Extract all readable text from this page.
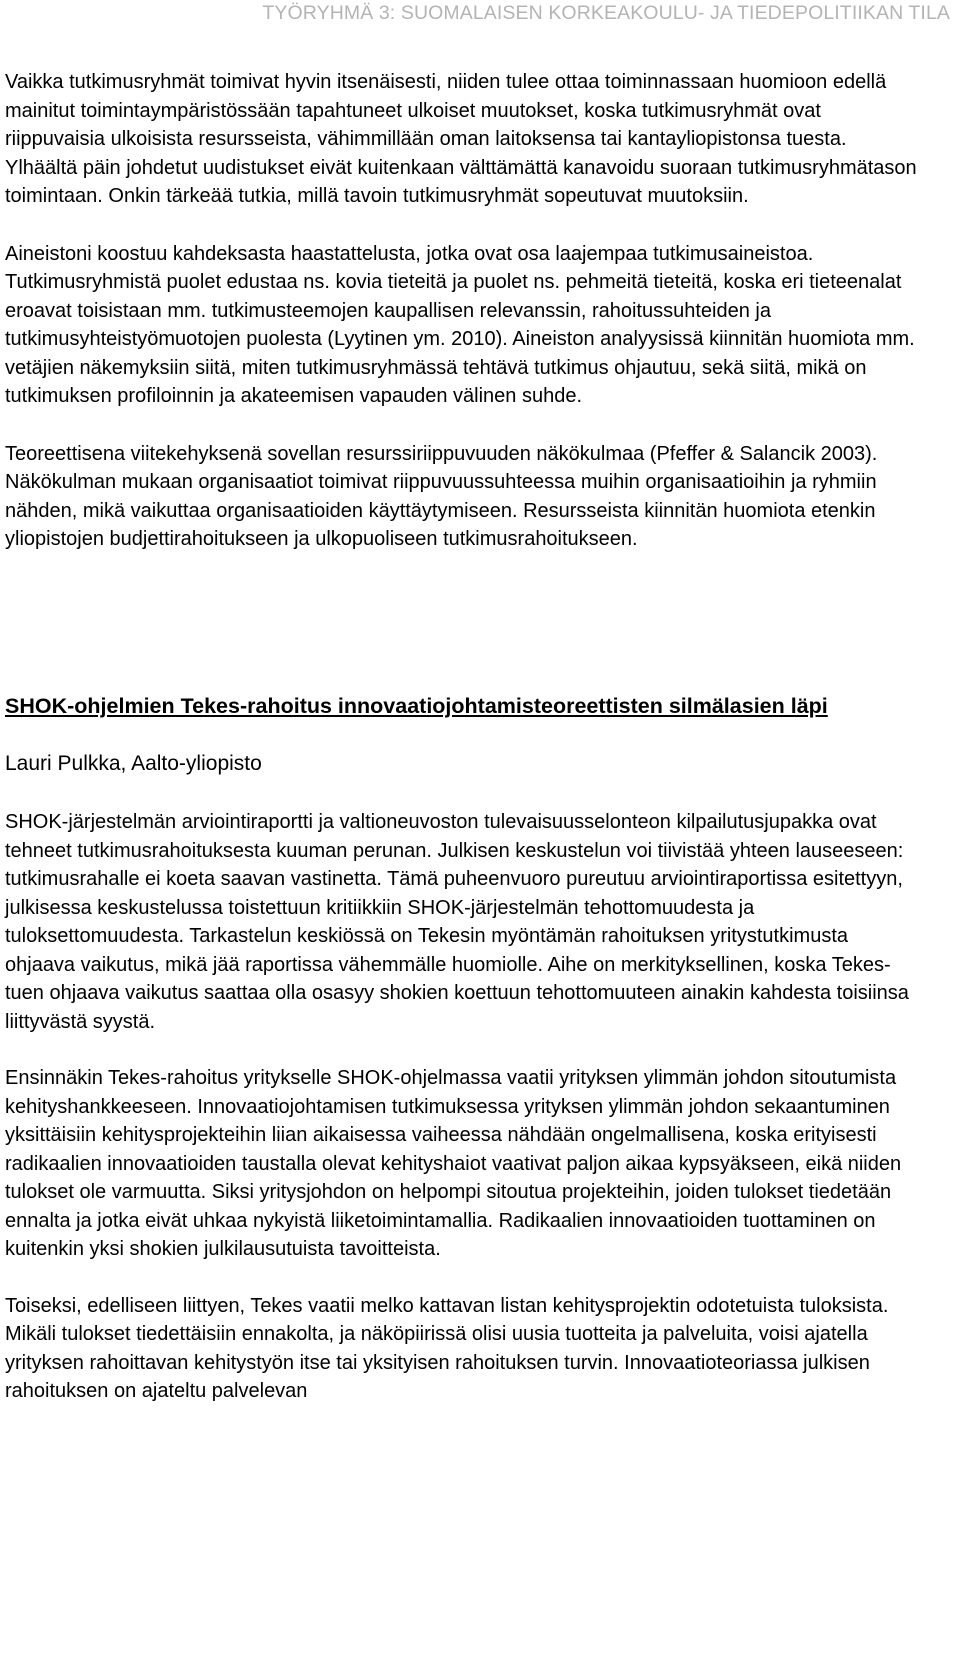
TYÖRYHMÄ 3: SUOMALAISEN KORKEAKOULU- JA TIEDEPOLITIIKAN TILA

Vaikka tutkimusryhmät toimivat hyvin itsenäisesti, niiden tulee ottaa toiminnassaan huomioon edellä mainitut toimintaympäristössään tapahtuneet ulkoiset muutokset, koska tutkimusryhmät ovat riippuvaisia ulkoisista resursseista, vähimmillään oman laitoksensa tai kantayliopistonsa tuesta. Ylhäältä päin johdetut uudistukset eivät kuitenkaan välttämättä kanavoidu suoraan tutkimusryhmätason toimintaan. Onkin tärkeää tutkia, millä tavoin tutkimusryhmät sopeutuvat muutoksiin.

Aineistoni koostuu kahdeksasta haastattelusta, jotka ovat osa laajempaa tutkimusaineistoa. Tutkimusryhmistä puolet edustaa ns. kovia tieteitä ja puolet ns. pehmeitä tieteitä, koska eri tieteenalat eroavat toisistaan mm. tutkimusteemojen kaupallisen relevanssin, rahoitussuhteiden ja tutkimusyhteistyömuotojen puolesta (Lyytinen ym. 2010). Aineiston analyysissä kiinnitän huomiota mm. vetäjien näkemyksiin siitä, miten tutkimusryhmässä tehtävä tutkimus ohjautuu, sekä siitä, mikä on tutkimuksen profiloinnin ja akateemisen vapauden välinen suhde.

Teoreettisena viitekehyksenä sovellan resurssiriippuvuuden näkökulmaa (Pfeffer & Salancik 2003). Näkökulman mukaan organisaatiot toimivat riippuvuussuhteessa muihin organisaatioihin ja ryhmiin nähden, mikä vaikuttaa organisaatioiden käyttäytymiseen. Resursseista kiinnitän huomiota etenkin yliopistojen budjettirahoitukseen ja ulkopuoliseen tutkimusrahoitukseen.

SHOK-ohjelmien Tekes-rahoitus innovaatiojohtamisteoreettisten silmälasien läpi

Lauri Pulkka, Aalto-yliopisto

SHOK-järjestelmän arviointiraportti ja valtioneuvoston tulevaisuusselonteon kilpailutusjupakka ovat tehneet tutkimusrahoituksesta kuuman perunan. Julkisen keskustelun voi tiivistää yhteen lauseeseen: tutkimusrahalle ei koeta saavan vastinetta. Tämä puheenvuoro pureutuu arviointiraportissa esitettyyn, julkisessa keskustelussa toistettuun kritiikkiin SHOK-järjestelmän tehottomuudesta ja tuloksettomuudesta. Tarkastelun keskiössä on Tekesin myöntämän rahoituksen yritystutkimusta ohjaava vaikutus, mikä jää raportissa vähemmälle huomiolle. Aihe on merkityksellinen, koska Tekes-tuen ohjaava vaikutus saattaa olla osasyy shokien koettuun tehottomuuteen ainakin kahdesta toisiinsa liittyvästä syystä.

Ensinnäkin Tekes-rahoitus yritykselle SHOK-ohjelmassa vaatii yrityksen ylimmän johdon sitoutumista kehityshankkeeseen. Innovaatiojohtamisen tutkimuksessa yrityksen ylimmän johdon sekaantuminen yksittäisiin kehitysprojekteihin liian aikaisessa vaiheessa nähdään ongelmallisena, koska erityisesti radikaalien innovaatioiden taustalla olevat kehityshaiot vaativat paljon aikaa kypsyäkseen, eikä niiden tulokset ole varmuutta. Siksi yritysjohdon on helpompi sitoutua projekteihin, joiden tulokset tiedetään ennalta ja jotka eivät uhkaa nykyistä liiketoimintamallia. Radikaalien innovaatioiden tuottaminen on kuitenkin yksi shokien julkilausutuista tavoitteista.

Toiseksi, edelliseen liittyen, Tekes vaatii melko kattavan listan kehitysprojektin odotetuista tuloksista. Mikäli tulokset tiedettäisiin ennakolta, ja näköpiirissä olisi uusia tuotteita ja palveluita, voisi ajatella yrityksen rahoittavan kehitystyön itse tai yksityisen rahoituksen turvin. Innovaatioteoriassa julkisen rahoituksen on ajateltu palvelevan
